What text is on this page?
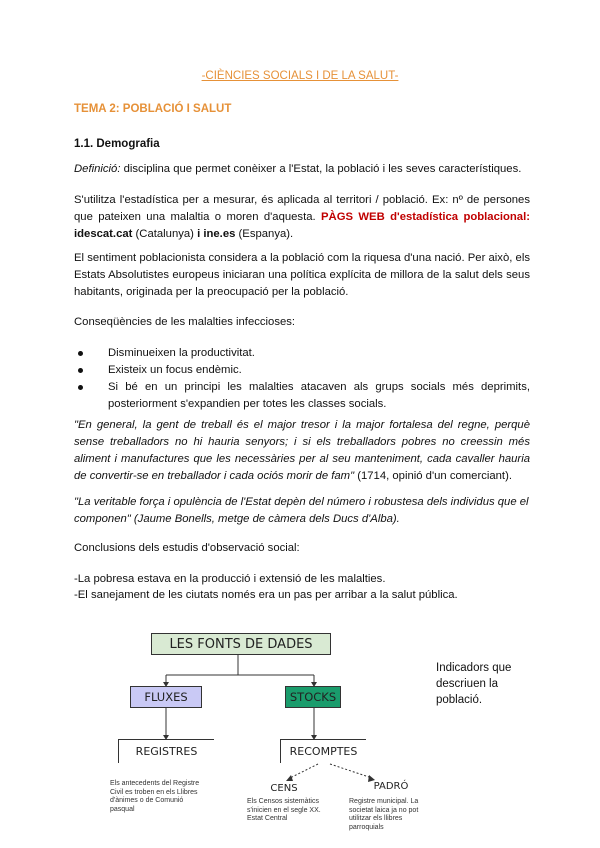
-CIÈNCIES SOCIALS I DE LA SALUT-
TEMA 2: POBLACIÓ I SALUT
1.1. Demografia
Definició: disciplina que permet conèixer a l'Estat, la població i les seves característiques.
S'utilitza l'estadística per a mesurar, és aplicada al territori / població. Ex: nº de persones que pateixen una malaltia o moren d'aquesta. PÀGS WEB d'estadística poblacional: idescat.cat (Catalunya) i ine.es (Espanya).
El sentiment poblacionista considera a la població com la riquesa d'una nació. Per això, els Estats Absolutistes europeus iniciaran una política explícita de millora de la salut dels seus habitants, originada per la preocupació per la població.
Conseqüències de les malalties infeccioses:
Disminueixen la productivitat.
Existeix un focus endèmic.
Si bé en un principi les malalties atacaven als grups socials més deprimits, posteriorment s'expandien per totes les classes socials.
"En general, la gent de treball és el major tresor i la major fortalesa del regne, perquè sense treballadors no hi hauria senyors; i si els treballadors pobres no creessin més aliment i manufactures que les necessàries per al seu manteniment, cada cavaller hauria de convertir-se en treballador i cada ociós morir de fam" (1714, opinió d'un comerciant).
"La veritable força i opulència de l'Estat depèn del número i robustesa dels individus que el componen" (Jaume Bonells, metge de càmera dels Ducs d'Alba).
Conclusions dels estudis d'observació social:
-La pobresa estava en la producció i extensió de les malalties.
-El sanejament de les ciutats només era un pas per arribar a la salut pública.
LES FONTS DE DADES
FLUXES	STOCKS
REGISTRES	RECOMPTES
CENS	PADRÓ
Els antecedents del Registre Civil es troben en els Llibres d'ànimes o de Comunió pasqual
Els Censos sistemàtics s'inicien en el segle XX. Estat Central
Registre municipal. La societat laica ja no pot utilitzar els llibres parroquials
Indicadors que descriuen la població.
